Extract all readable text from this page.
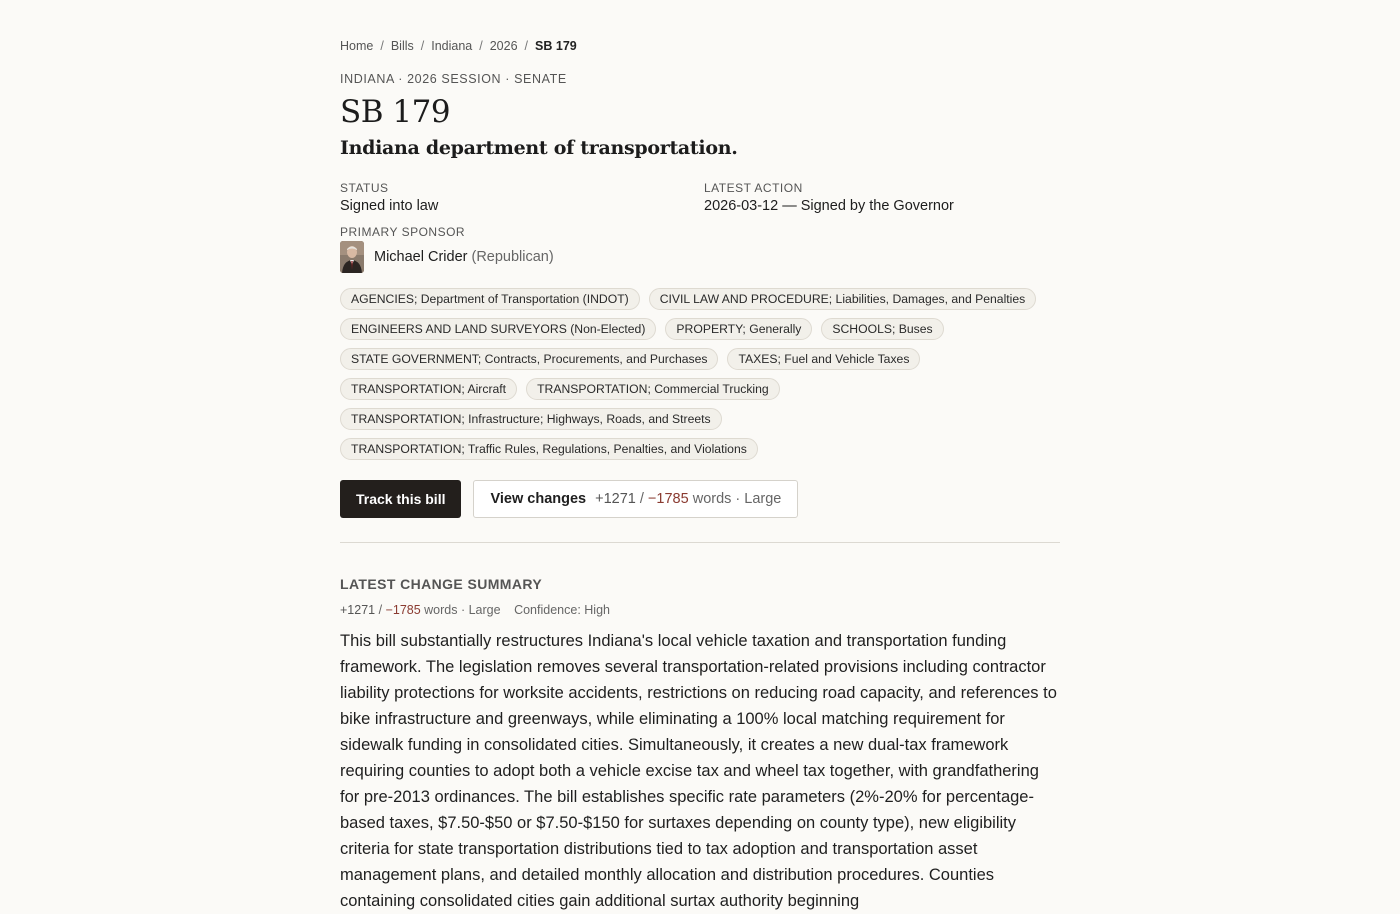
Home / Bills / Indiana / 2026 / SB 179
INDIANA · 2026 SESSION · SENATE
SB 179
Indiana department of transportation.
STATUS
Signed into law
LATEST ACTION
2026-03-12 — Signed by the Governor
PRIMARY SPONSOR
Michael Crider (Republican)
AGENCIES; Department of Transportation (INDOT)	CIVIL LAW AND PROCEDURE; Liabilities, Damages, and Penalties
ENGINEERS AND LAND SURVEYORS (Non-Elected)	PROPERTY; Generally	SCHOOLS; Buses
STATE GOVERNMENT; Contracts, Procurements, and Purchases	TAXES; Fuel and Vehicle Taxes
TRANSPORTATION; Aircraft	TRANSPORTATION; Commercial Trucking
TRANSPORTATION; Infrastructure; Highways, Roads, and Streets
TRANSPORTATION; Traffic Rules, Regulations, Penalties, and Violations
Track this bill	View changes +1271
/
−1785
words · Large
LATEST CHANGE SUMMARY
+1271 / −1785 words · Large Confidence: High

This bill substantially restructures Indiana's local vehicle taxation and transportation funding framework. The legislation removes several transportation-related provisions including contractor liability protections for worksite accidents, restrictions on reducing road capacity, and references to bike infrastructure and greenways, while eliminating a 100% local matching requirement for sidewalk funding in consolidated cities. Simultaneously, it creates a new dual-tax framework requiring counties to adopt both a vehicle excise tax and wheel tax together, with grandfathering for pre-2013 ordinances. The bill establishes specific rate parameters (2%-20% for percentage-based taxes, $7.50-$50 or $7.50-$150 for surtaxes depending on county type), new eligibility criteria for state transportation distributions tied to tax adoption and transportation asset management plans, and detailed monthly allocation and distribution procedures. Counties containing consolidated cities gain additional surtax authority beginning
